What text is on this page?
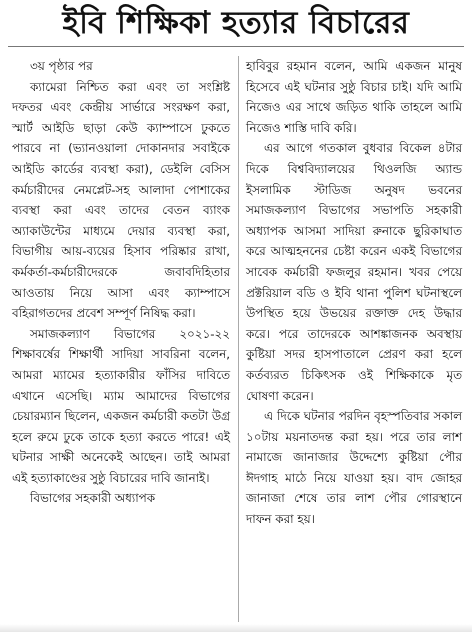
ইবি শিক্ষিকা হত্যার বিচারের

৩য় পৃষ্ঠার পর

ক্যামেরা নিশ্চিত করা এবং তা সংশ্লিষ্ট দফতর এবং কেন্দ্রীয় সার্ভারে সংরক্ষণ করা, স্মার্ট আইডি ছাড়া কেউ ক্যাম্পাসে ঢুকতে পারবে না (ভ্যানওয়ালা দোকানদার সবাইকে আইডি কার্ডের ব্যবস্থা করা), ডেইলি বেসিস কর্মচারীদের নেমপ্লেট-সহ আলাদা পোশাকের ব্যবস্থা করা এবং তাদের বেতন ব্যাংক অ্যাকাউন্টের মাধ্যমে দেয়ার ব্যবস্থা করা, বিভাগীয় আয়-ব্যয়ের হিসাব পরিষ্কার রাখা, কর্মকর্তা-কর্মচারীদেরকে জবাবদিহিতার আওতায় নিয়ে আসা এবং ক্যাম্পাসে বহিরাগতদের প্রবেশ সম্পূর্ণ নিষিদ্ধ করা।

সমাজকল্যাণ বিভাগের ২০২১-২২ শিক্ষাবর্ষের শিক্ষার্থী সাদিয়া সাবরিনা বলেন, আমরা ম্যামের হত্যাকারীর ফাঁসির দাবিতে এখানে এসেছি। ম্যাম আমাদের বিভাগের চেয়ারম্যান ছিলেন, একজন কর্মচারী কতটা উগ্র হলে রুমে ঢুকে তাকে হত্যা করতে পারে! এই ঘটনার সাক্ষী অনেকেই আছেন। তাই আমরা এই হত্যাকাণ্ডের সুষ্ঠু বিচারের দাবি জানাই।

বিভাগের সহকারী অধ্যাপক

হাবিবুর রহমান বলেন, আমি একজন মানুষ হিসেবে এই ঘটনার সুষ্ঠু বিচার চাই। যদি আমি নিজেও এর সাথে জড়িত থাকি তাহলে আমি নিজেও শাস্তি দাবি করি।

এর আগে গতকাল বুধবার বিকেল ৪টার দিকে বিশ্ববিদ্যালয়ের থিওলজি অ্যান্ড ইসলামিক স্টাডিজ অনুষদ ভবনের সমাজকল্যাণ বিভাগের সভাপতি সহকারী অধ্যাপক আসমা সাদিয়া রুনাকে ছুরিকাঘাত করে আত্মহননের চেষ্টা করেন একই বিভাগের সাবেক কর্মচারী ফজলুর রহমান। খবর পেয়ে প্রক্টরিয়াল বডি ও ইবি থানা পুলিশ ঘটনাস্থলে উপস্থিত হয়ে উভয়ের রক্তাক্ত দেহ উদ্ধার করে। পরে তাদেরকে আশঙ্কাজনক অবস্থায় কুষ্টিয়া সদর হাসপাতালে প্রেরণ করা হলে কর্তব্যরত চিকিৎসক ওই শিক্ষিকাকে মৃত ঘোষণা করেন।

এ দিকে ঘটনার পরদিন বৃহস্পতিবার সকাল ১০টায় ময়নাতদন্ত করা হয়। পরে তার লাশ নামাজে জানাজার উদ্দেশ্যে কুষ্টিয়া পৌর ঈদগাহ মাঠে নিয়ে যাওয়া হয়। বাদ জোহর জানাজা শেষে তার লাশ পৌর গোরস্থানে দাফন করা হয়।
